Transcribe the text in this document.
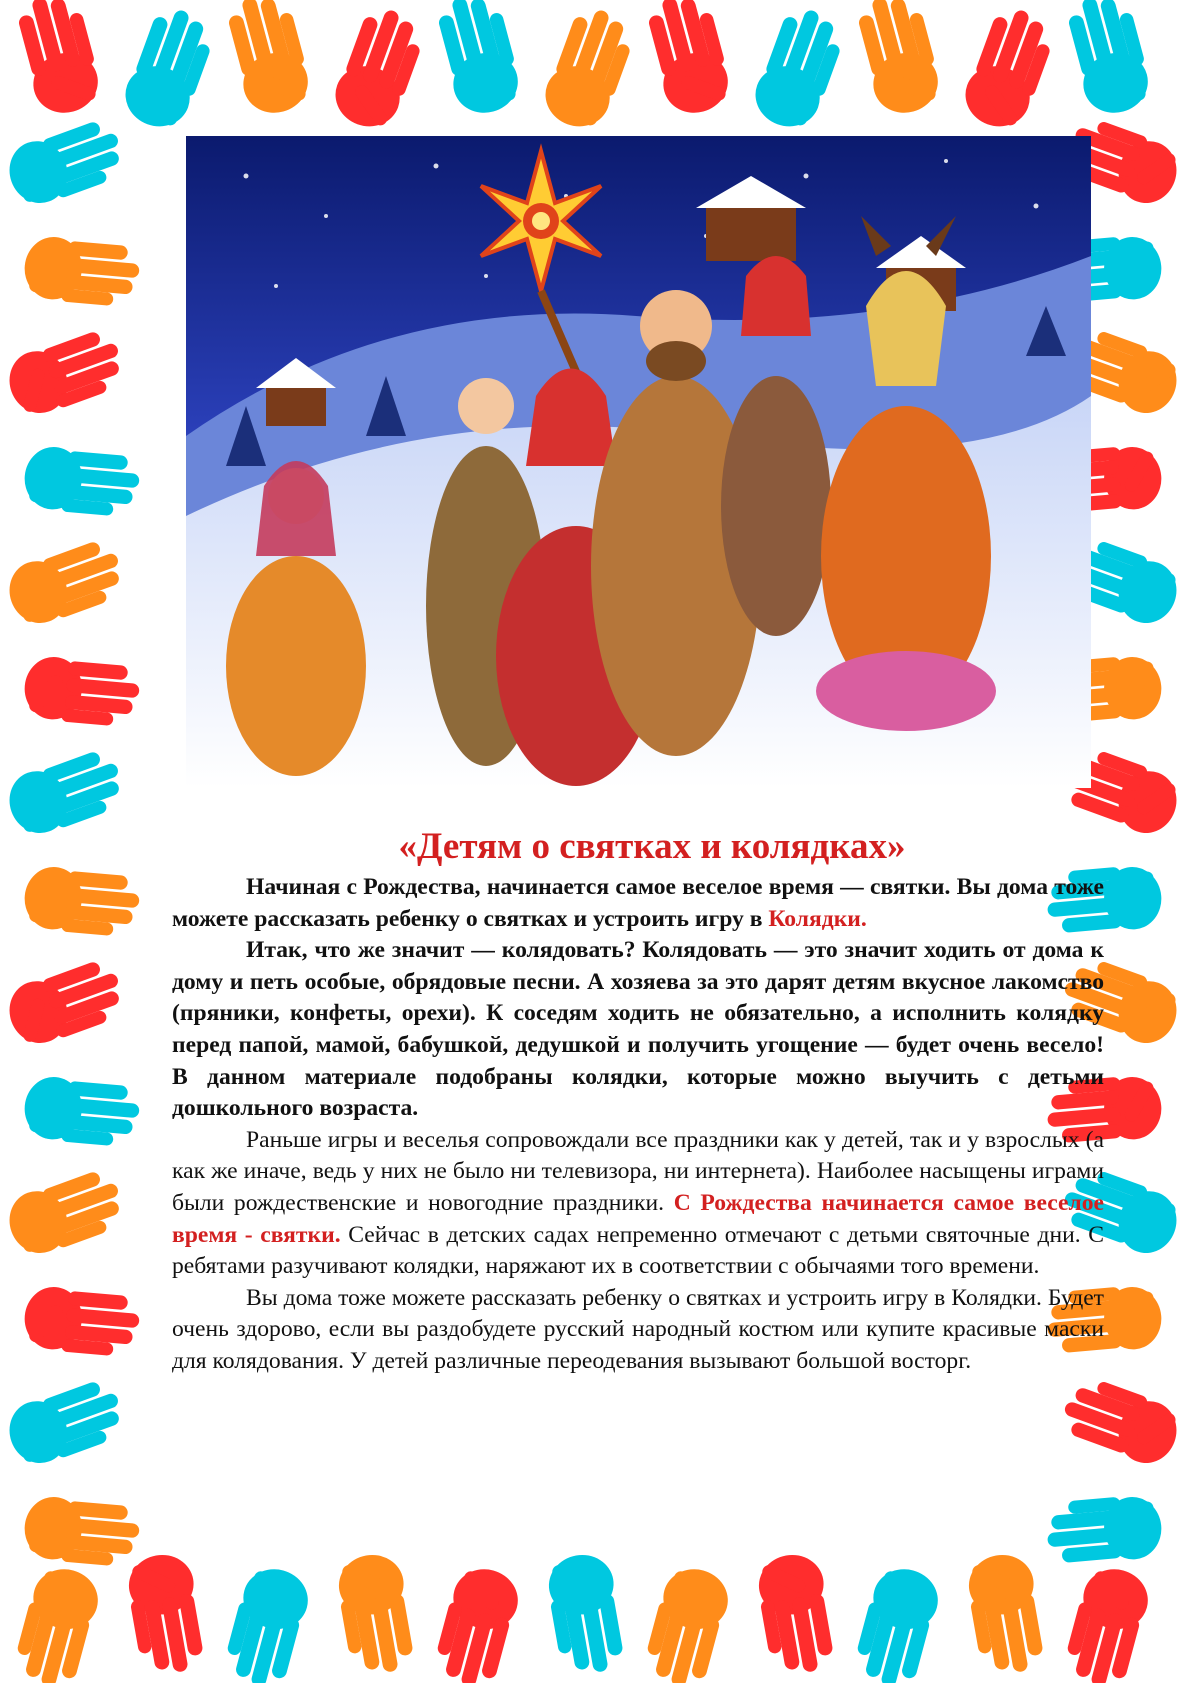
«Детям о святках и колядках»

Начиная с Рождества, начинается самое веселое время — святки. Вы дома тоже можете рассказать ребенку о святках и устроить игру в Колядки.

Итак, что же значит — колядовать? Колядовать — это значит ходить от дома к дому и петь особые, обрядовые песни. А хозяева за это дарят детям вкусное лакомство (пряники, конфеты, орехи). К соседям ходить не обязательно, а исполнить колядку перед папой, мамой, бабушкой, дедушкой и получить угощение — будет очень весело! В данном материале подобраны колядки, которые можно выучить с детьми дошкольного возраста.

Раньше игры и веселья сопровождали все праздники как у детей, так и у взрослых (а как же иначе, ведь у них не было ни телевизора, ни интернета). Наиболее насыщены играми были рождественские и новогодние праздники. С Рождества начинается самое веселое время - святки. Сейчас в детских садах непременно отмечают с детьми святочные дни. С ребятами разучивают колядки, наряжают их в соответствии с обычаями того времени.

Вы дома тоже можете рассказать ребенку о святках и устроить игру в Колядки. Будет очень здорово, если вы раздобудете русский народный костюм или купите красивые маски для колядования. У детей различные переодевания вызывают большой восторг.
